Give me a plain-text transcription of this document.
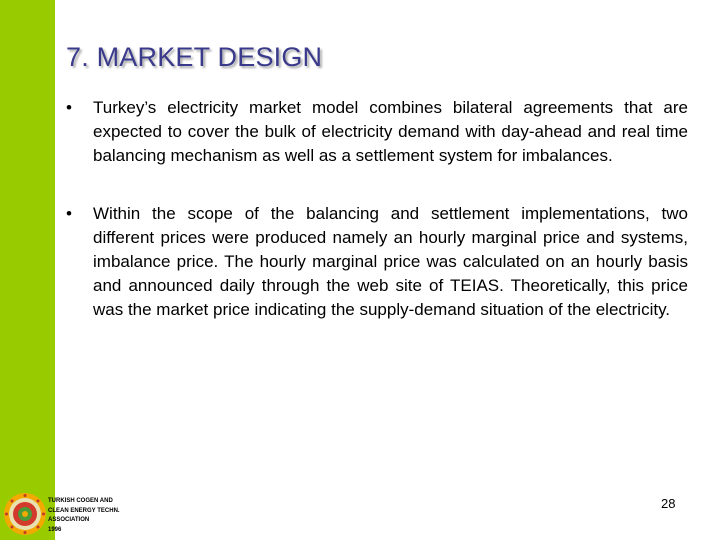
7. MARKET DESIGN
•	Turkey’s electricity market model combines bilateral agreements that are expected to cover the bulk of electricity demand with day-ahead and real time balancing mechanism as well as a settlement system for imbalances.
•	Within the scope of the balancing and settlement implementations, two different prices were produced namely an hourly marginal price and systems, imbalance price. The hourly marginal price was calculated on an hourly basis and announced daily through the web site of TEIAS. Theoretically, this price was the market price indicating the supply-demand situation of the electricity.
TURKISH COGEN AND
CLEAN ENERGY TECHN.
ASSOCIATION
1996
28
